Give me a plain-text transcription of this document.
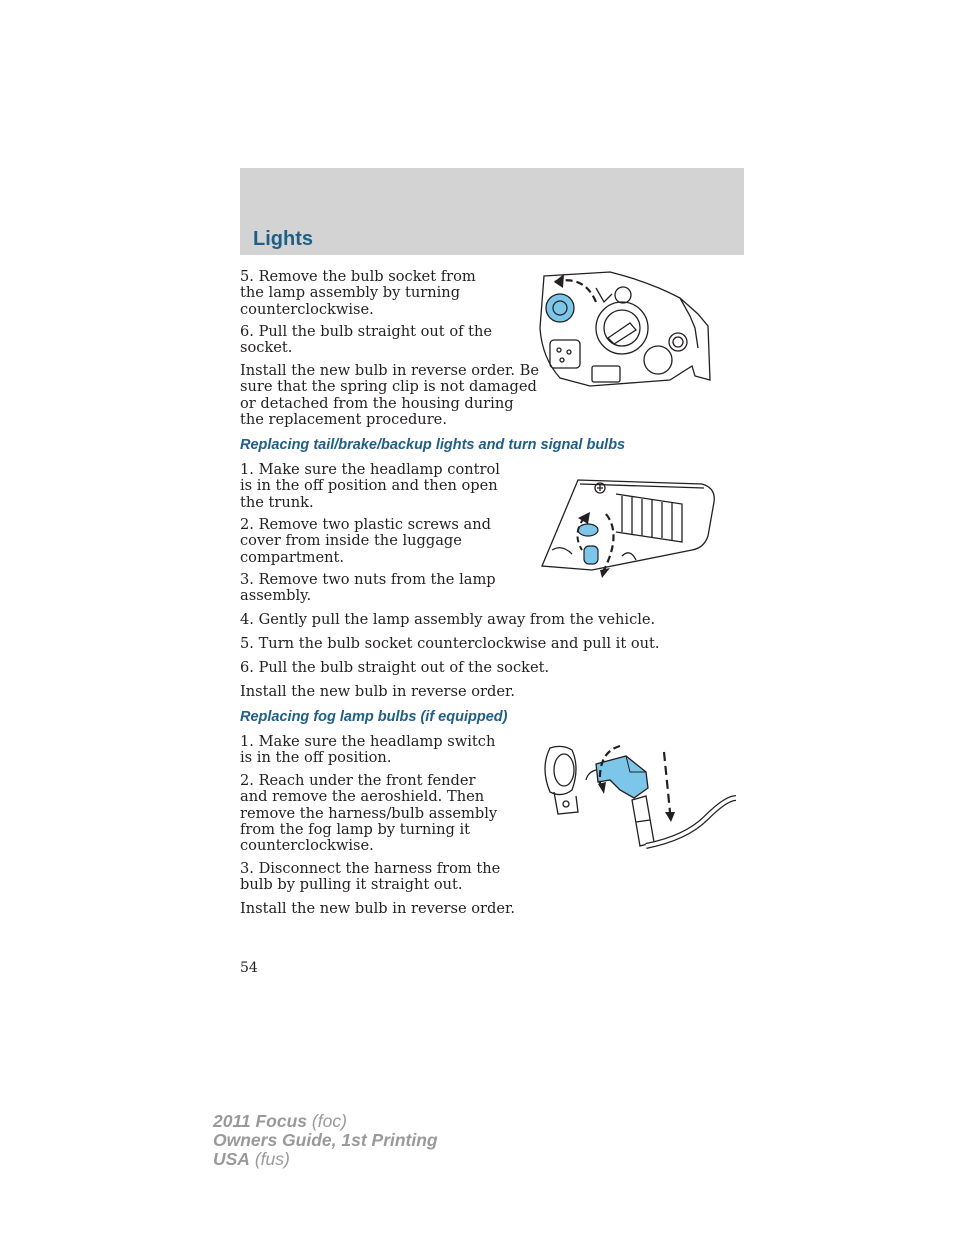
Lights

5. Remove the bulb socket from the lamp assembly by turning counterclockwise.

6. Pull the bulb straight out of the socket.

Install the new bulb in reverse order. Be sure that the spring clip is not damaged or detached from the housing during the replacement procedure.

Replacing tail/brake/backup lights and turn signal bulbs

1. Make sure the headlamp control is in the off position and then open the trunk.

2. Remove two plastic screws and cover from inside the luggage compartment.

3. Remove two nuts from the lamp assembly.

4. Gently pull the lamp assembly away from the vehicle.

5. Turn the bulb socket counterclockwise and pull it out.

6. Pull the bulb straight out of the socket.

Install the new bulb in reverse order.

Replacing fog lamp bulbs (if equipped)

1. Make sure the headlamp switch is in the off position.

2. Reach under the front fender and remove the aeroshield. Then remove the harness/bulb assembly from the fog lamp by turning it counterclockwise.

3. Disconnect the harness from the bulb by pulling it straight out.

Install the new bulb in reverse order.

54
2011 Focus (foc)
Owners Guide, 1st Printing
USA (fus)
